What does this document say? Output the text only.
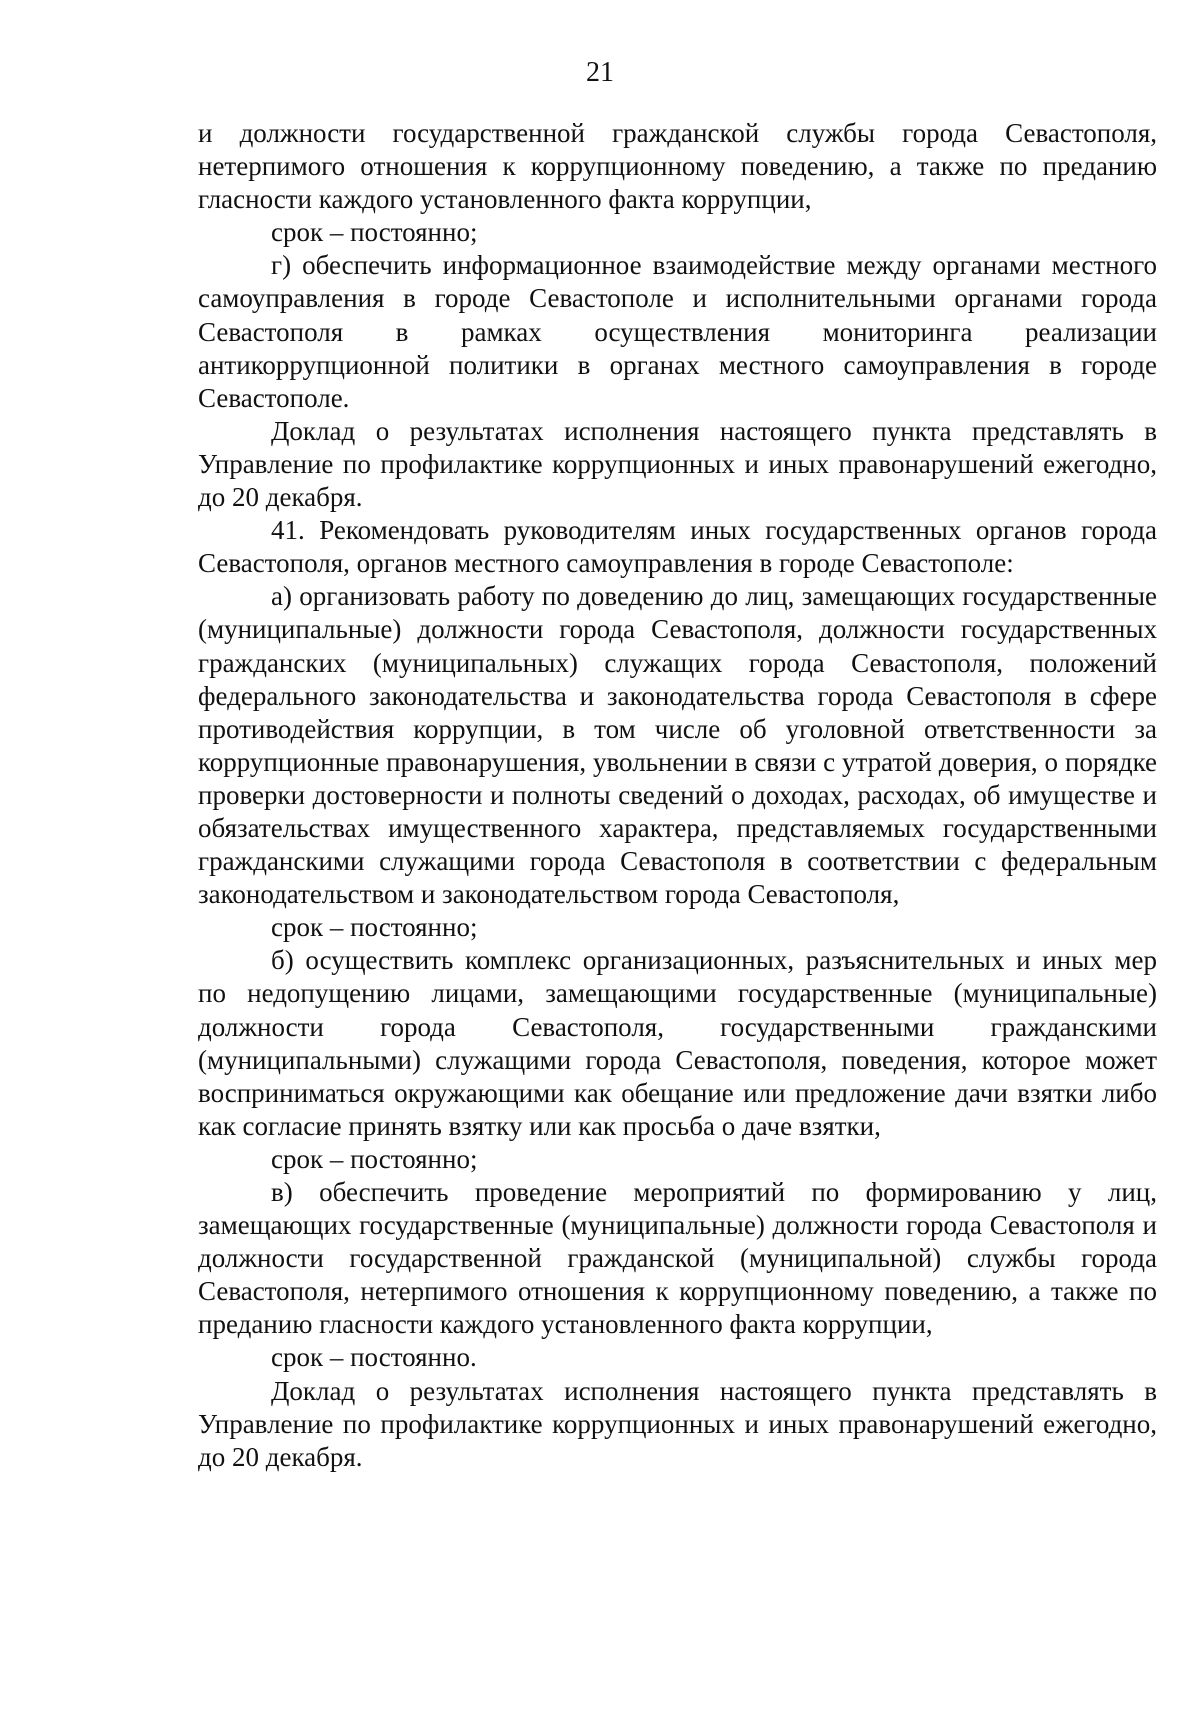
21

и должности государственной гражданской службы города Севастополя, нетерпимого отношения к коррупционному поведению, а также по преданию гласности каждого установленного факта коррупции,

срок – постоянно;

г) обеспечить информационное взаимодействие между органами местного самоуправления в городе Севастополе и исполнительными органами города Севастополя в рамках осуществления мониторинга реализации антикоррупционной политики в органах местного самоуправления в городе Севастополе.

Доклад о результатах исполнения настоящего пункта представлять в Управление по профилактике коррупционных и иных правонарушений ежегодно, до 20 декабря.

41. Рекомендовать руководителям иных государственных органов города Севастополя, органов местного самоуправления в городе Севастополе:

а) организовать работу по доведению до лиц, замещающих государственные (муниципальные) должности города Севастополя, должности государственных гражданских (муниципальных) служащих города Севастополя, положений федерального законодательства и законодательства города Севастополя в сфере противодействия коррупции, в том числе об уголовной ответственности за коррупционные правонарушения, увольнении в связи с утратой доверия, о порядке проверки достоверности и полноты сведений о доходах, расходах, об имуществе и обязательствах имущественного характера, представляемых государственными гражданскими служащими города Севастополя в соответствии с федеральным законодательством и законодательством города Севастополя,

срок – постоянно;

б) осуществить комплекс организационных, разъяснительных и иных мер по недопущению лицами, замещающими государственные (муниципальные) должности города Севастополя, государственными гражданскими (муниципальными) служащими города Севастополя, поведения, которое может восприниматься окружающими как обещание или предложение дачи взятки либо как согласие принять взятку или как просьба о даче взятки,

срок – постоянно;

в) обеспечить проведение мероприятий по формированию у лиц, замещающих государственные (муниципальные) должности города Севастополя и должности государственной гражданской (муниципальной) службы города Севастополя, нетерпимого отношения к коррупционному поведению, а также по преданию гласности каждого установленного факта коррупции,

срок – постоянно.

Доклад о результатах исполнения настоящего пункта представлять в Управление по профилактике коррупционных и иных правонарушений ежегодно, до 20 декабря.
